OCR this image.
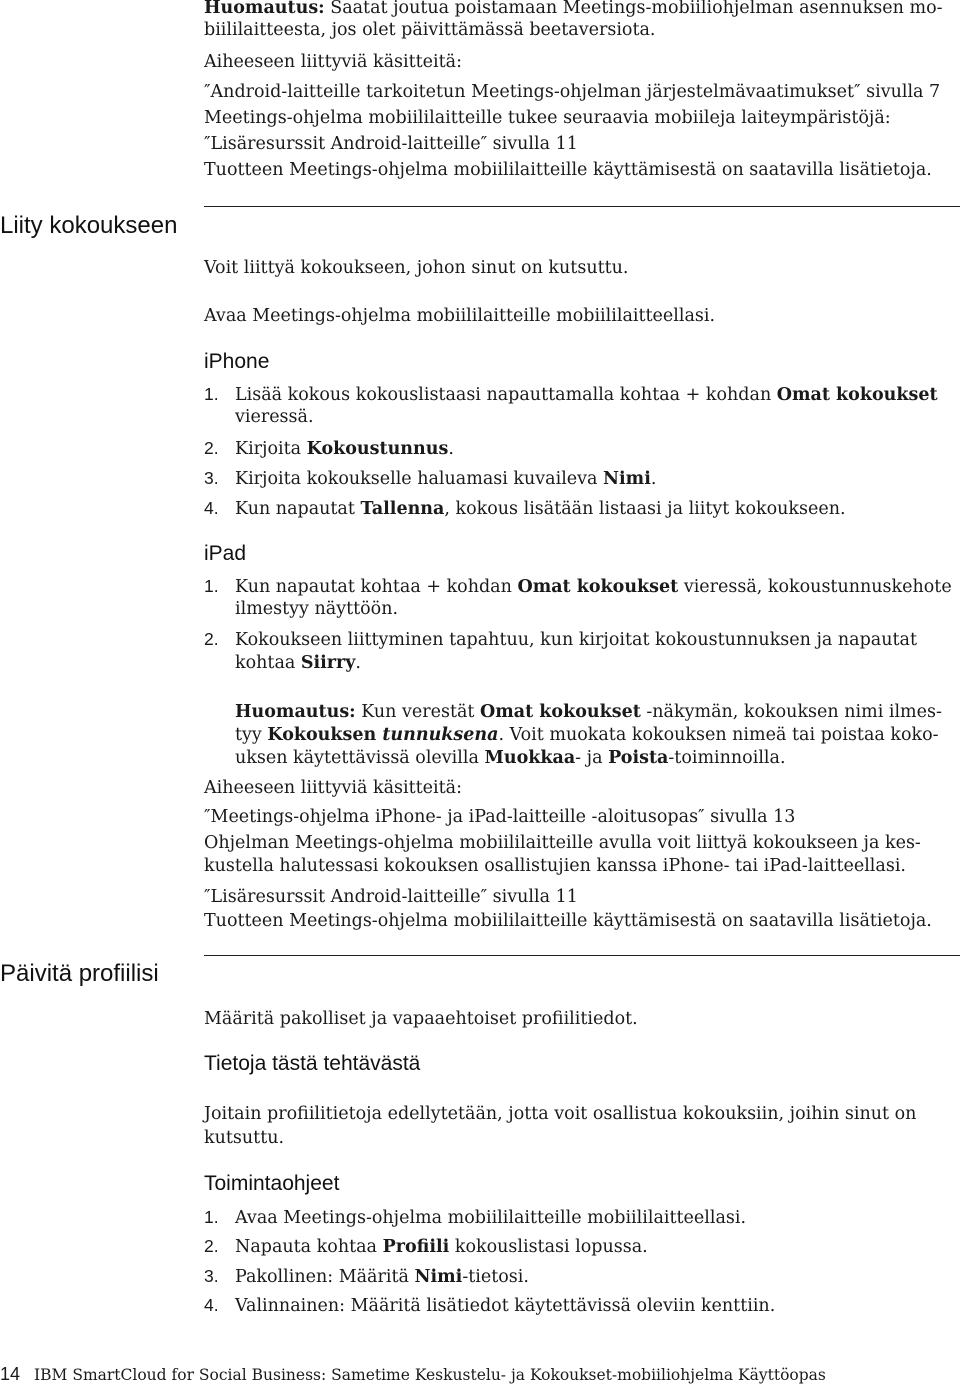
Huomautus: Saatat joutua poistamaan Meetings-mobiiliohjelman asennuksen mo-
biililaitteesta, jos olet päivittämässä beetaversiota.
Aiheeseen liittyviä käsitteitä:
″Android-laitteille tarkoitetun Meetings-ohjelman järjestelmävaatimukset″ sivulla 7
Meetings-ohjelma mobiililaitteille tukee seuraavia mobiileja laiteympäristöjä:
″Lisäresurssit Android-laitteille″ sivulla 11
Tuotteen Meetings-ohjelma mobiililaitteille käyttämisestä on saatavilla lisätietoja.
Liity kokoukseen
Voit liittyä kokoukseen, johon sinut on kutsuttu.
Avaa Meetings-ohjelma mobiililaitteille mobiililaitteellasi.
iPhone
1. Lisää kokous kokouslistaasi napauttamalla kohtaa + kohdan Omat kokoukset
vieressä.
2. Kirjoita Kokoustunnus.
3. Kirjoita kokoukselle haluamasi kuvaileva Nimi.
4. Kun napautat Tallenna, kokous lisätään listaasi ja liityt kokoukseen.
iPad
1. Kun napautat kohtaa + kohdan Omat kokoukset vieressä, kokoustunnuskehote
ilmestyy näyttöön.
2. Kokoukseen liittyminen tapahtuu, kun kirjoitat kokoustunnuksen ja napautat
kohtaa Siirry.
Huomautus: Kun verestät Omat kokoukset -näkymän, kokouksen nimi ilmes-
tyy Kokouksen tunnuksena. Voit muokata kokouksen nimeä tai poistaa koko-
uksen käytettävissä olevilla Muokkaa- ja Poista-toiminnoilla.
Aiheeseen liittyviä käsitteitä:
″Meetings-ohjelma iPhone- ja iPad-laitteille -aloitusopas″ sivulla 13
Ohjelman Meetings-ohjelma mobiililaitteille avulla voit liittyä kokoukseen ja kes-
kustella halutessasi kokouksen osallistujien kanssa iPhone- tai iPad-laitteellasi.
″Lisäresurssit Android-laitteille″ sivulla 11
Tuotteen Meetings-ohjelma mobiililaitteille käyttämisestä on saatavilla lisätietoja.
Päivitä profiilisi
Määritä pakolliset ja vapaaehtoiset profiilitiedot.
Tietoja tästä tehtävästä
Joitain profiilitietoja edellytetään, jotta voit osallistua kokouksiin, joihin sinut on
kutsuttu.
Toimintaohjeet
1. Avaa Meetings-ohjelma mobiililaitteille mobiililaitteellasi.
2. Napauta kohtaa Profiili kokouslistasi lopussa.
3. Pakollinen: Määritä Nimi-tietosi.
4. Valinnainen: Määritä lisätiedot käytettävissä oleviin kenttiin.
14 IBM SmartCloud for Social Business: Sametime Keskustelu- ja Kokoukset-mobiiliohjelma Käyttöopas
